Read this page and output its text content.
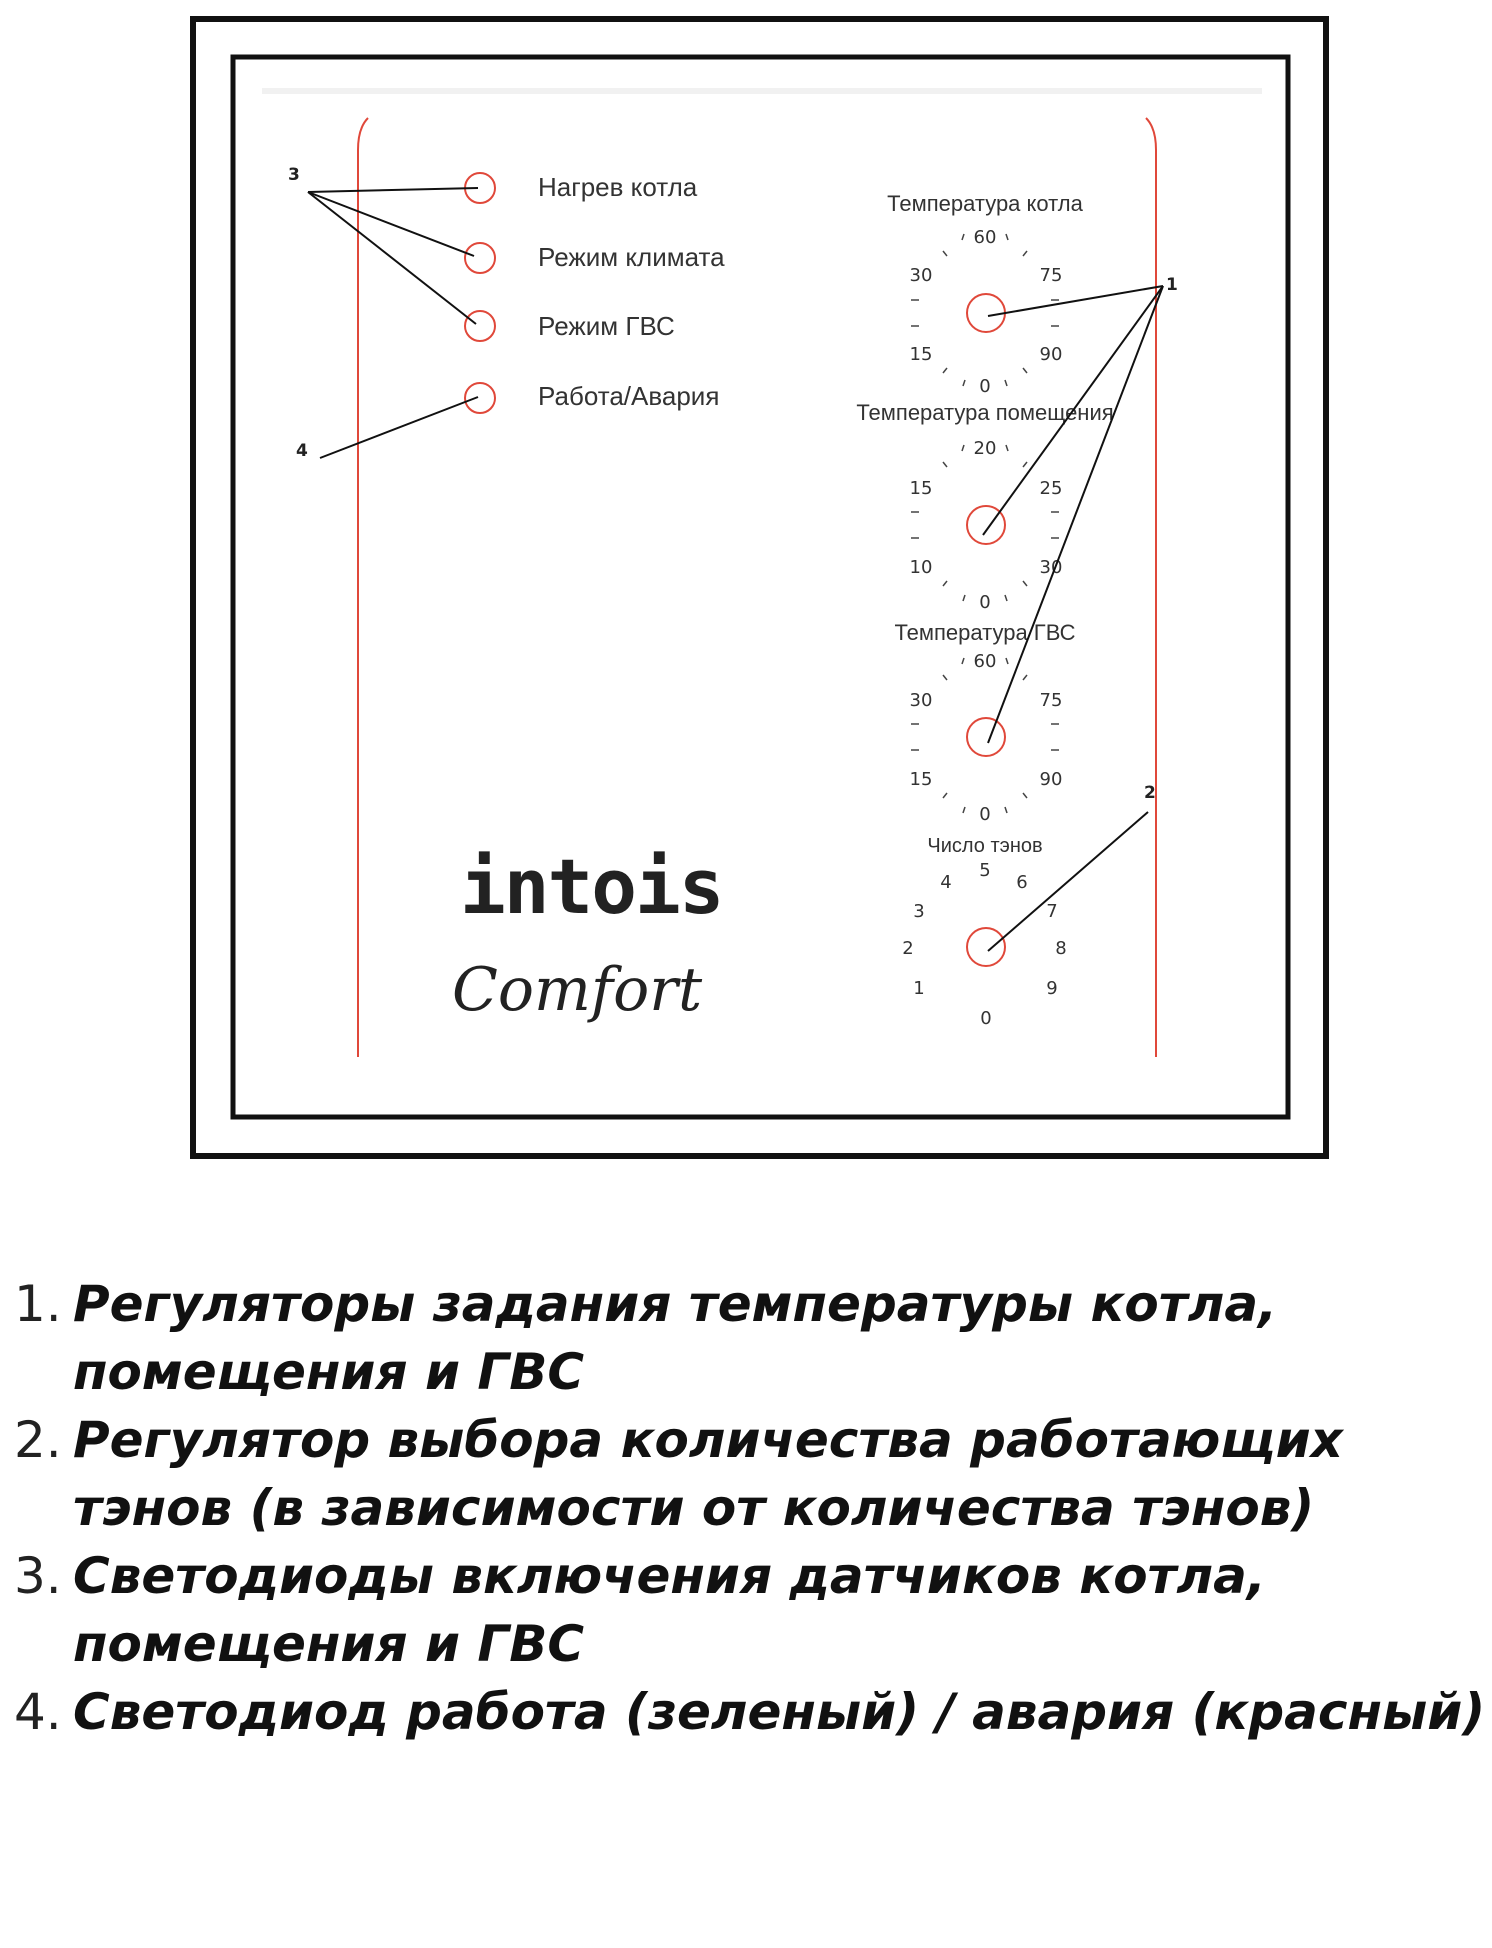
Нагрев котла
Режим климата
Режим ГВС
Работа/Авария
3
4
Температура котла
60
30	75
15	90
0
Температура помещения
20
15	25
10	30
0
Температура ГВС
60
30	75
15	90
0
Число тэнов
5
4	6
3	7
2	8
1	9
0
1
2
intois
Comfort
1. Регуляторы задания температуры котла, помещения и ГВС
2. Регулятор выбора количества работающих тэнов (в зависимости от количества тэнов)
3. Светодиоды включения датчиков котла, помещения и ГВС
4. Светодиод работа (зеленый) / авария (красный)
